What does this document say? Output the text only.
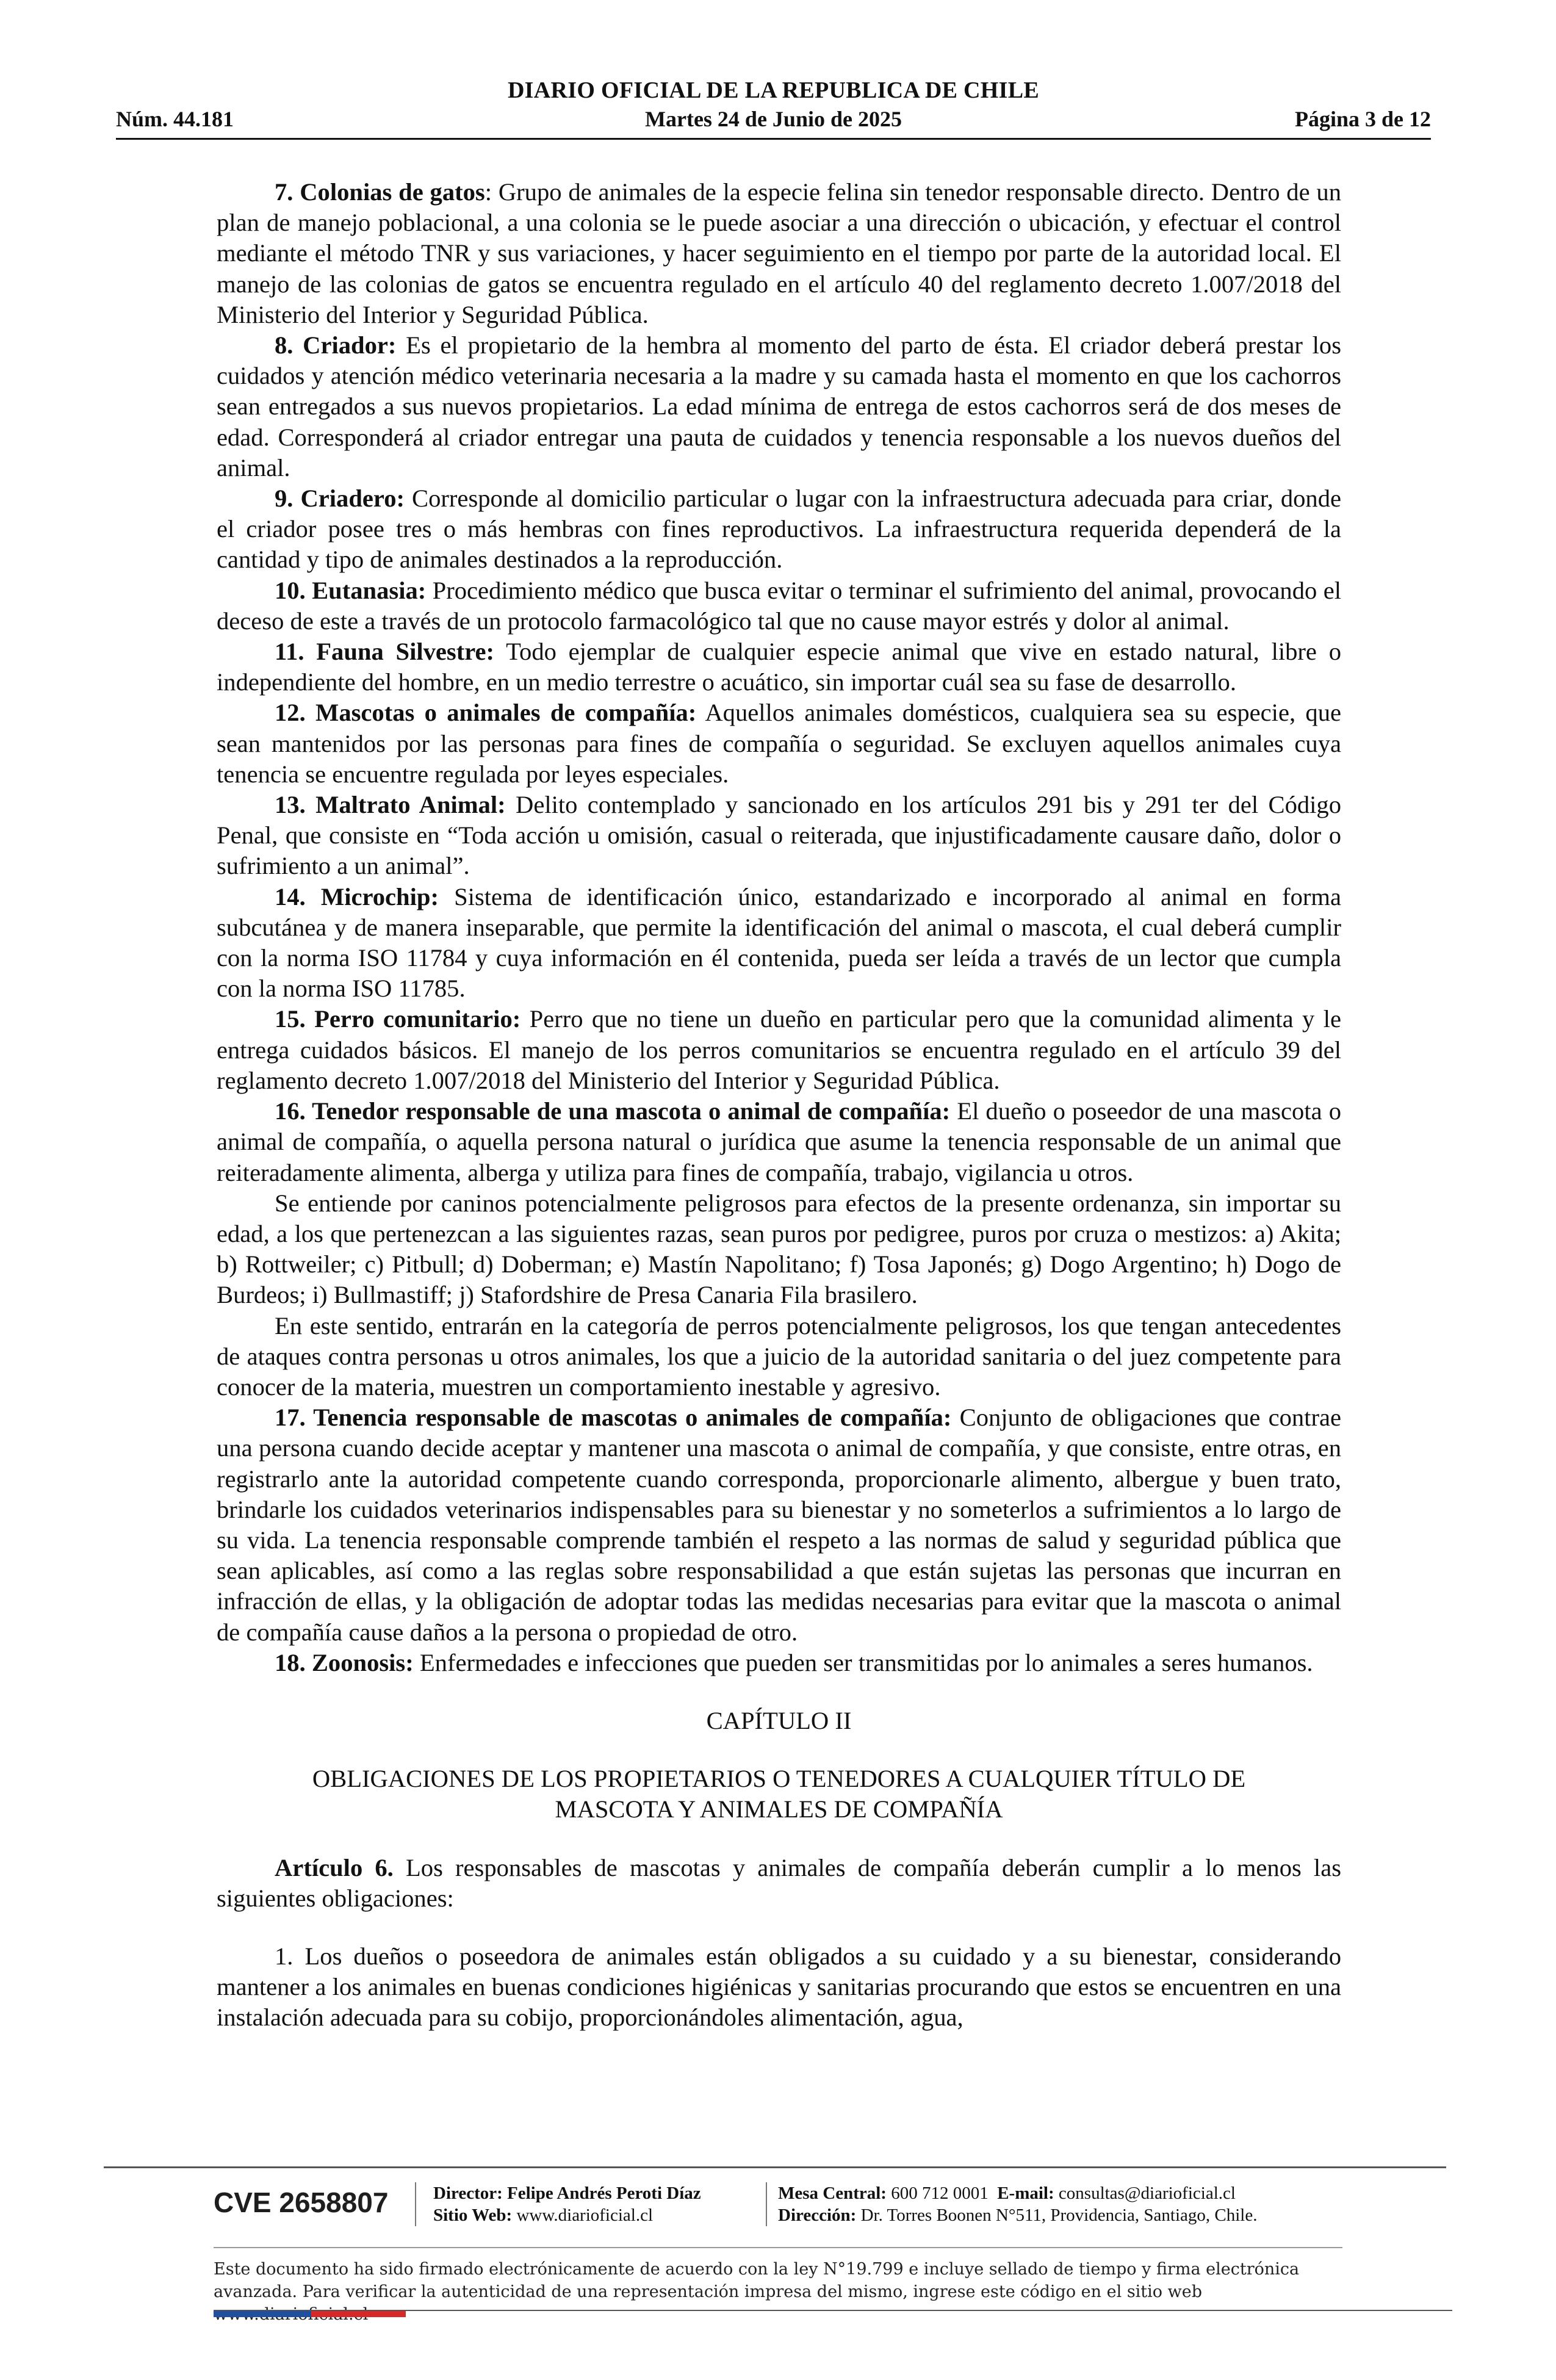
DIARIO OFICIAL DE LA REPUBLICA DE CHILE
Núm. 44.181	Martes 24 de Junio de 2025	Página 3 de 12

7. Colonias de gatos: Grupo de animales de la especie felina sin tenedor responsable directo. Dentro de un plan de manejo poblacional, a una colonia se le puede asociar a una dirección o ubicación, y efectuar el control mediante el método TNR y sus variaciones, y hacer seguimiento en el tiempo por parte de la autoridad local. El manejo de las colonias de gatos se encuentra regulado en el artículo 40 del reglamento decreto 1.007/2018 del Ministerio del Interior y Seguridad Pública.

8. Criador: Es el propietario de la hembra al momento del parto de ésta. El criador deberá prestar los cuidados y atención médico veterinaria necesaria a la madre y su camada hasta el momento en que los cachorros sean entregados a sus nuevos propietarios. La edad mínima de entrega de estos cachorros será de dos meses de edad. Corresponderá al criador entregar una pauta de cuidados y tenencia responsable a los nuevos dueños del animal.

9. Criadero: Corresponde al domicilio particular o lugar con la infraestructura adecuada para criar, donde el criador posee tres o más hembras con fines reproductivos. La infraestructura requerida dependerá de la cantidad y tipo de animales destinados a la reproducción.

10. Eutanasia: Procedimiento médico que busca evitar o terminar el sufrimiento del animal, provocando el deceso de este a través de un protocolo farmacológico tal que no cause mayor estrés y dolor al animal.

11. Fauna Silvestre: Todo ejemplar de cualquier especie animal que vive en estado natural, libre o independiente del hombre, en un medio terrestre o acuático, sin importar cuál sea su fase de desarrollo.

12. Mascotas o animales de compañía: Aquellos animales domésticos, cualquiera sea su especie, que sean mantenidos por las personas para fines de compañía o seguridad. Se excluyen aquellos animales cuya tenencia se encuentre regulada por leyes especiales.

13. Maltrato Animal: Delito contemplado y sancionado en los artículos 291 bis y 291 ter del Código Penal, que consiste en “Toda acción u omisión, casual o reiterada, que injustificadamente causare daño, dolor o sufrimiento a un animal”.

14. Microchip: Sistema de identificación único, estandarizado e incorporado al animal en forma subcutánea y de manera inseparable, que permite la identificación del animal o mascota, el cual deberá cumplir con la norma ISO 11784 y cuya información en él contenida, pueda ser leída a través de un lector que cumpla con la norma ISO 11785.

15. Perro comunitario: Perro que no tiene un dueño en particular pero que la comunidad alimenta y le entrega cuidados básicos. El manejo de los perros comunitarios se encuentra regulado en el artículo 39 del reglamento decreto 1.007/2018 del Ministerio del Interior y Seguridad Pública.

16. Tenedor responsable de una mascota o animal de compañía: El dueño o poseedor de una mascota o animal de compañía, o aquella persona natural o jurídica que asume la tenencia responsable de un animal que reiteradamente alimenta, alberga y utiliza para fines de compañía, trabajo, vigilancia u otros.

Se entiende por caninos potencialmente peligrosos para efectos de la presente ordenanza, sin importar su edad, a los que pertenezcan a las siguientes razas, sean puros por pedigree, puros por cruza o mestizos: a) Akita; b) Rottweiler; c) Pitbull; d) Doberman; e) Mastín Napolitano; f) Tosa Japonés; g) Dogo Argentino; h) Dogo de Burdeos; i) Bullmastiff; j) Stafordshire de Presa Canaria Fila brasilero.

En este sentido, entrarán en la categoría de perros potencialmente peligrosos, los que tengan antecedentes de ataques contra personas u otros animales, los que a juicio de la autoridad sanitaria o del juez competente para conocer de la materia, muestren un comportamiento inestable y agresivo.

17. Tenencia responsable de mascotas o animales de compañía: Conjunto de obligaciones que contrae una persona cuando decide aceptar y mantener una mascota o animal de compañía, y que consiste, entre otras, en registrarlo ante la autoridad competente cuando corresponda, proporcionarle alimento, albergue y buen trato, brindarle los cuidados veterinarios indispensables para su bienestar y no someterlos a sufrimientos a lo largo de su vida. La tenencia responsable comprende también el respeto a las normas de salud y seguridad pública que sean aplicables, así como a las reglas sobre responsabilidad a que están sujetas las personas que incurran en infracción de ellas, y la obligación de adoptar todas las medidas necesarias para evitar que la mascota o animal de compañía cause daños a la persona o propiedad de otro.

18. Zoonosis: Enfermedades e infecciones que pueden ser transmitidas por lo animales a seres humanos.

CAPÍTULO II

OBLIGACIONES DE LOS PROPIETARIOS O TENEDORES A CUALQUIER TÍTULO DE MASCOTA Y ANIMALES DE COMPAÑÍA

Artículo 6. Los responsables de mascotas y animales de compañía deberán cumplir a lo menos las siguientes obligaciones:

1. Los dueños o poseedora de animales están obligados a su cuidado y a su bienestar, considerando mantener a los animales en buenas condiciones higiénicas y sanitarias procurando que estos se encuentren en una instalación adecuada para su cobijo, proporcionándoles alimentación, agua,

CVE 2658807	Director: Felipe Andrés Peroti Díaz
Sitio Web: www.diarioficial.cl
Mesa Central: 600 712 0001 E-mail: consultas@diarioficial.cl
Dirección: Dr. Torres Boonen N°511, Providencia, Santiago, Chile.
Este documento ha sido firmado electrónicamente de acuerdo con la ley N°19.799 e incluye sellado de tiempo y firma electrónica avanzada. Para verificar la autenticidad de una representación impresa del mismo, ingrese este código en el sitio web
